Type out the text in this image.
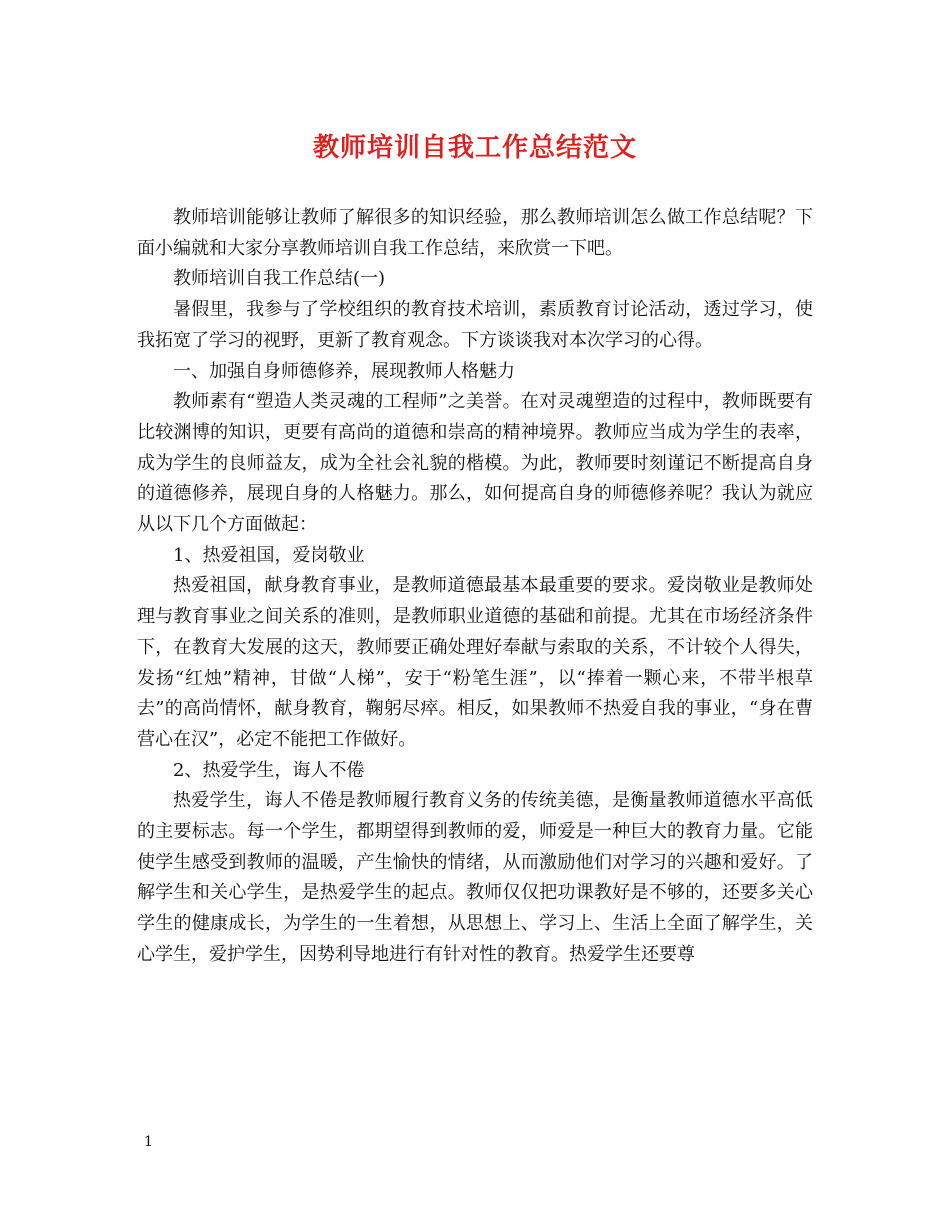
教师培训自我工作总结范文

教师培训能够让教师了解很多的知识经验，那么教师培训怎么做工作总结呢？下面小编就和大家分享教师培训自我工作总结，来欣赏一下吧。

教师培训自我工作总结(一)

暑假里，我参与了学校组织的教育技术培训，素质教育讨论活动，透过学习，使我拓宽了学习的视野，更新了教育观念。下方谈谈我对本次学习的心得。

一、加强自身师德修养，展现教师人格魅力

教师素有“塑造人类灵魂的工程师”之美誉。在对灵魂塑造的过程中，教师既要有比较渊博的知识，更要有高尚的道德和崇高的精神境界。教师应当成为学生的表率，成为学生的良师益友，成为全社会礼貌的楷模。为此，教师要时刻谨记不断提高自身的道德修养，展现自身的人格魅力。那么，如何提高自身的师德修养呢？我认为就应从以下几个方面做起：

1、热爱祖国，爱岗敬业

热爱祖国，献身教育事业，是教师道德最基本最重要的要求。爱岗敬业是教师处理与教育事业之间关系的准则，是教师职业道德的基础和前提。尤其在市场经济条件下，在教育大发展的这天，教师要正确处理好奉献与索取的关系，不计较个人得失，发扬“红烛”精神，甘做“人梯”，安于“粉笔生涯”，以“捧着一颗心来，不带半根草去”的高尚情怀，献身教育，鞠躬尽瘁。相反，如果教师不热爱自我的事业，“身在曹营心在汉”，必定不能把工作做好。

2、热爱学生，诲人不倦

热爱学生，诲人不倦是教师履行教育义务的传统美德，是衡量教师道德水平高低的主要标志。每一个学生，都期望得到教师的爱，师爱是一种巨大的教育力量。它能使学生感受到教师的温暖，产生愉快的情绪，从而激励他们对学习的兴趣和爱好。了解学生和关心学生，是热爱学生的起点。教师仅仅把功课教好是不够的，还要多关心学生的健康成长，为学生的一生着想，从思想上、学习上、生活上全面了解学生，关心学生，爱护学生，因势利导地进行有针对性的教育。热爱学生还要尊

1
